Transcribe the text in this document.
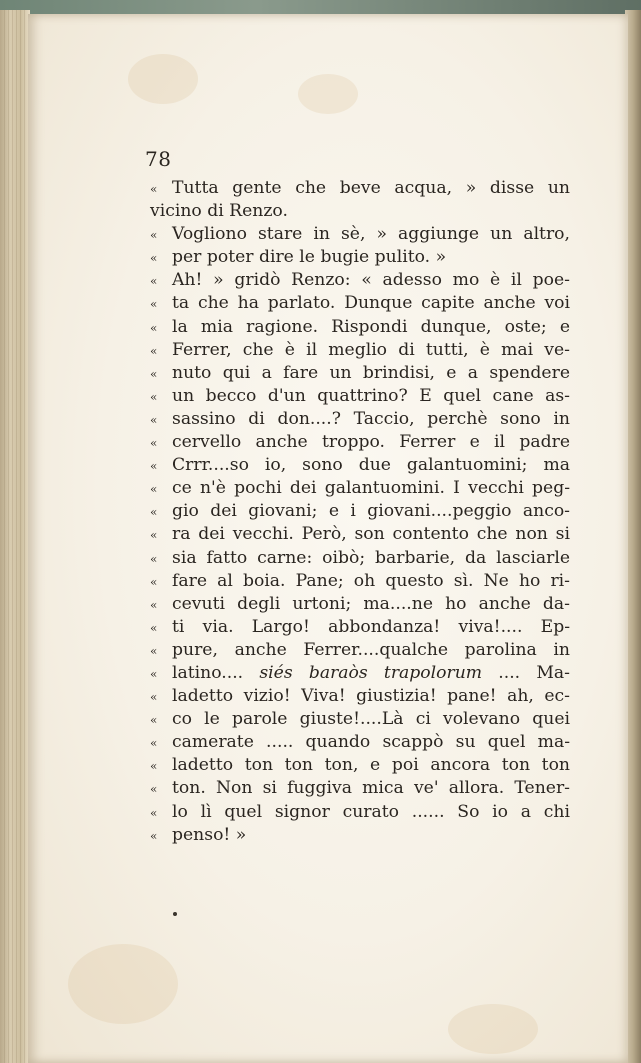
78
« Tutta gente che beve acqua, » disse un
vicino di Renzo.
« Vogliono stare in sè, » aggiunge un altro,
« per poter dire le bugie pulito. »
« Ah! » gridò Renzo: « adesso mo è il poe-
« ta che ha parlato. Dunque capite anche voi
« la mia ragione. Rispondi dunque, oste; e
« Ferrer, che è il meglio di tutti, è mai ve-
« nuto qui a fare un brindisi, e a spendere
« un becco d'un quattrino? E quel cane as-
« sassino di don....? Taccio, perchè sono in
« cervello anche troppo. Ferrer e il padre
« Crrr....so io, sono due galantuomini; ma
« ce n'è pochi dei galantuomini. I vecchi peg-
« gio dei giovani; e i giovani....peggio anco-
« ra dei vecchi. Però, son contento che non si
« sia fatto carne: oibò; barbarie, da lasciarle
« fare al boia. Pane; oh questo sì. Ne ho ri-
« cevuti degli urtoni; ma....ne ho anche da-
« ti via. Largo! abbondanza! viva!.... Ep-
« pure, anche Ferrer....qualche parolina in
« latino.... siés baraòs trapolorum .... Ma-
« ladetto vizio! Viva! giustizia! pane! ah, ec-
« co le parole giuste!....Là ci volevano quei
« camerate ..... quando scappò su quel ma-
« ladetto ton ton ton, e poi ancora ton ton
« ton. Non si fuggiva mica ve' allora. Tener-
« lo lì quel signor curato ...... So io a chi
« penso! »
